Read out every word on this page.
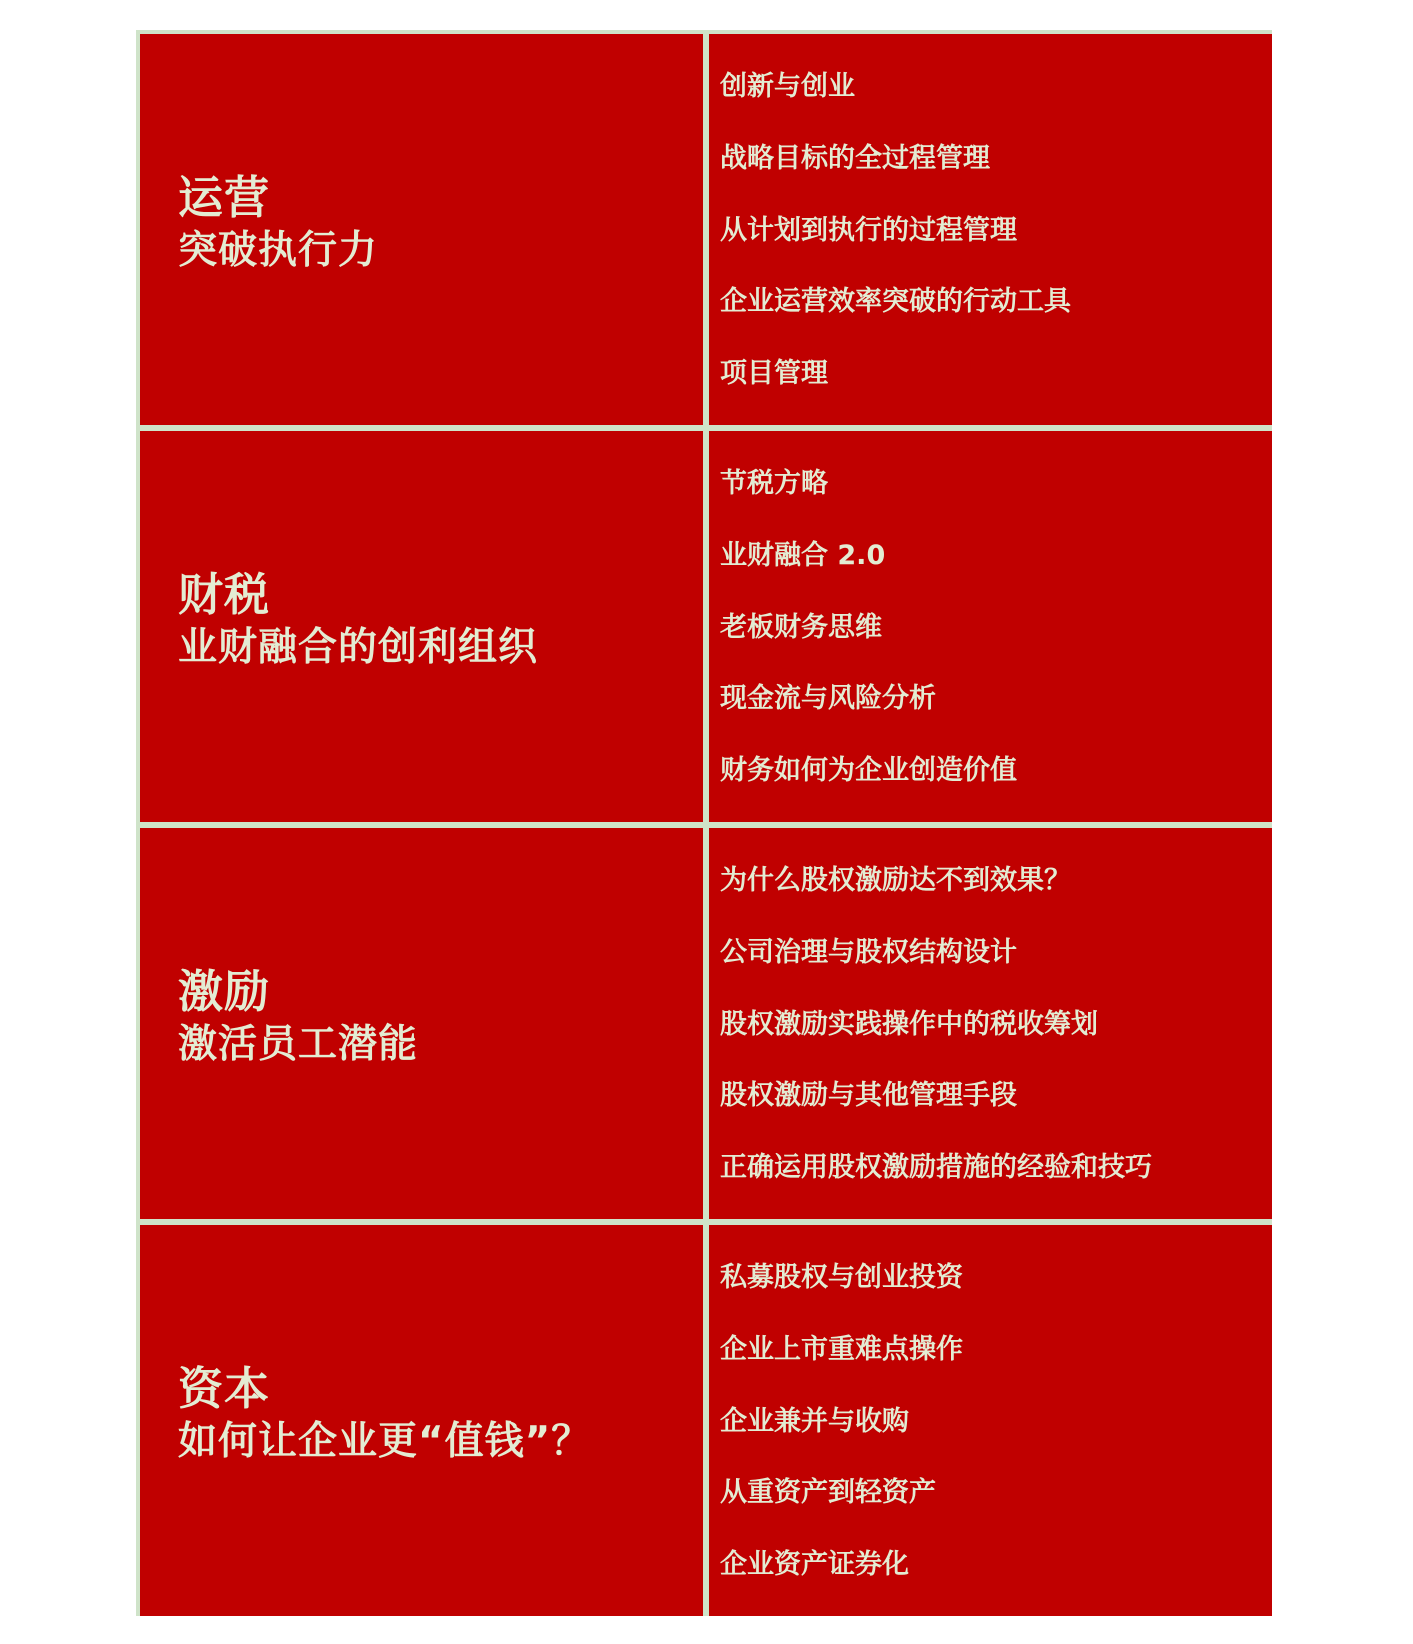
运营
突破执行力
创新与创业
战略目标的全过程管理
从计划到执行的过程管理
企业运营效率突破的行动工具
项目管理
财税
业财融合的创利组织
节税方略
业财融合 2.0
老板财务思维
现金流与风险分析
财务如何为企业创造价值
激励
激活员工潜能
为什么股权激励达不到效果？
公司治理与股权结构设计
股权激励实践操作中的税收筹划
股权激励与其他管理手段
正确运用股权激励措施的经验和技巧
资本
如何让企业更“值钱”？
私募股权与创业投资
企业上市重难点操作
企业兼并与收购
从重资产到轻资产
企业资产证券化
